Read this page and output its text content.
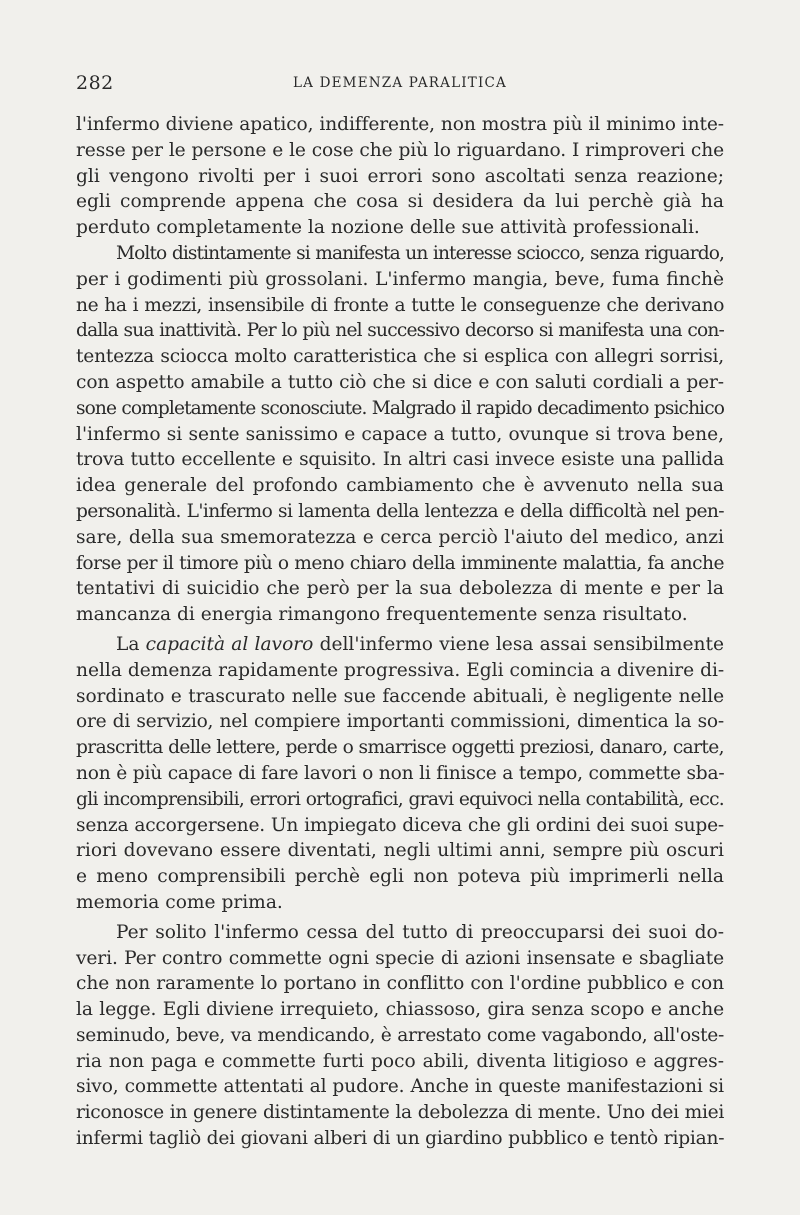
282	LA DEMENZA PARALITICA
l'infermo diviene apatico, indifferente, non mostra più il minimo inte-
resse per le persone e le cose che più lo riguardano. I rimproveri che
gli vengono rivolti per i suoi errori sono ascoltati senza reazione;
egli comprende appena che cosa si desidera da lui perchè già ha
perduto completamente la nozione delle sue attività professionali.
Molto distintamente si manifesta un interesse sciocco, senza riguardo,
per i godimenti più grossolani. L'infermo mangia, beve, fuma finchè
ne ha i mezzi, insensibile di fronte a tutte le conseguenze che derivano
dalla sua inattività. Per lo più nel successivo decorso si manifesta una con-
tentezza sciocca molto caratteristica che si esplica con allegri sorrisi,
con aspetto amabile a tutto ciò che si dice e con saluti cordiali a per-
sone completamente sconosciute. Malgrado il rapido decadimento psichico
l'infermo si sente sanissimo e capace a tutto, ovunque si trova bene,
trova tutto eccellente e squisito. In altri casi invece esiste una pallida
idea generale del profondo cambiamento che è avvenuto nella sua
personalità. L'infermo si lamenta della lentezza e della difficoltà nel pen-
sare, della sua smemoratezza e cerca perciò l'aiuto del medico, anzi
forse per il timore più o meno chiaro della imminente malattia, fa anche
tentativi di suicidio che però per la sua debolezza di mente e per la
mancanza di energia rimangono frequentemente senza risultato.
La capacità al lavoro dell'infermo viene lesa assai sensibilmente
nella demenza rapidamente progressiva. Egli comincia a divenire di-
sordinato e trascurato nelle sue faccende abituali, è negligente nelle
ore di servizio, nel compiere importanti commissioni, dimentica la so-
prascritta delle lettere, perde o smarrisce oggetti preziosi, danaro, carte,
non è più capace di fare lavori o non li finisce a tempo, commette sba-
gli incomprensibili, errori ortografici, gravi equivoci nella contabilità, ecc.
senza accorgersene. Un impiegato diceva che gli ordini dei suoi supe-
riori dovevano essere diventati, negli ultimi anni, sempre più oscuri
e meno comprensibili perchè egli non poteva più imprimerli nella
memoria come prima.
Per solito l'infermo cessa del tutto di preoccuparsi dei suoi do-
veri. Per contro commette ogni specie di azioni insensate e sbagliate
che non raramente lo portano in conflitto con l'ordine pubblico e con
la legge. Egli diviene irrequieto, chiassoso, gira senza scopo e anche
seminudo, beve, va mendicando, è arrestato come vagabondo, all'oste-
ria non paga e commette furti poco abili, diventa litigioso e aggres-
sivo, commette attentati al pudore. Anche in queste manifestazioni si
riconosce in genere distintamente la debolezza di mente. Uno dei miei
infermi tagliò dei giovani alberi di un giardino pubblico e tentò ripian-
